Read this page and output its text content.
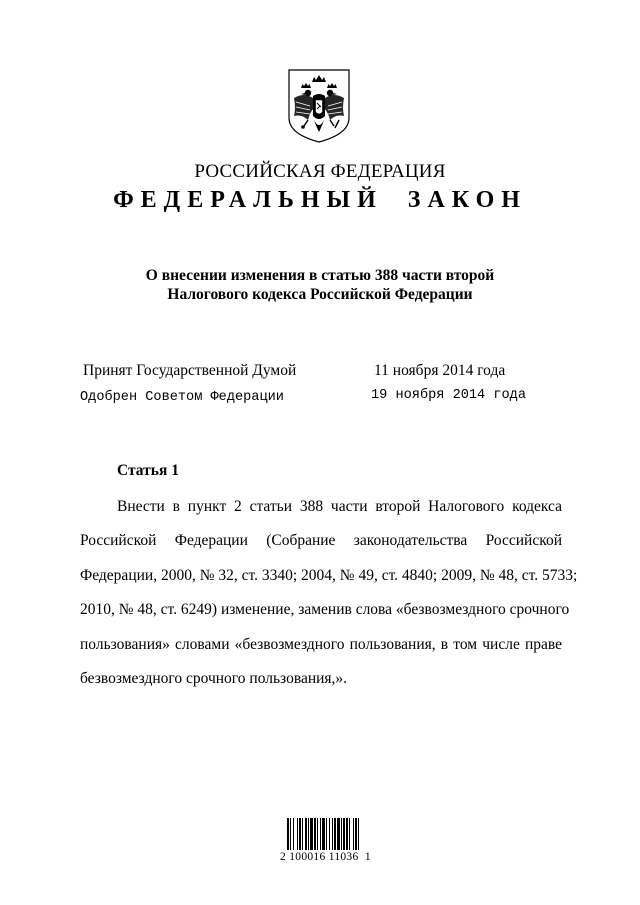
РОССИЙСКАЯ ФЕДЕРАЦИЯ
ФЕДЕРАЛЬНЫЙ ЗАКОН
О внесении изменения в статью 388 части второй
Налогового кодекса Российской Федерации
Принят Государственной Думой	11 ноября 2014 года
Одобрен Советом Федерации	19 ноября 2014 года
Статья 1
Внести в пункт 2 статьи 388 части второй Налогового кодекса
Российской Федерации (Собрание законодательства Российской
Федерации, 2000, № 32, ст. 3340; 2004, № 49, ст. 4840; 2009, № 48, ст. 5733;
2010, № 48, ст. 6249) изменение, заменив слова «безвозмездного срочного
пользования» словами «безвозмездного пользования, в том числе праве
безвозмездного срочного пользования,».
2 100016 11036  1
